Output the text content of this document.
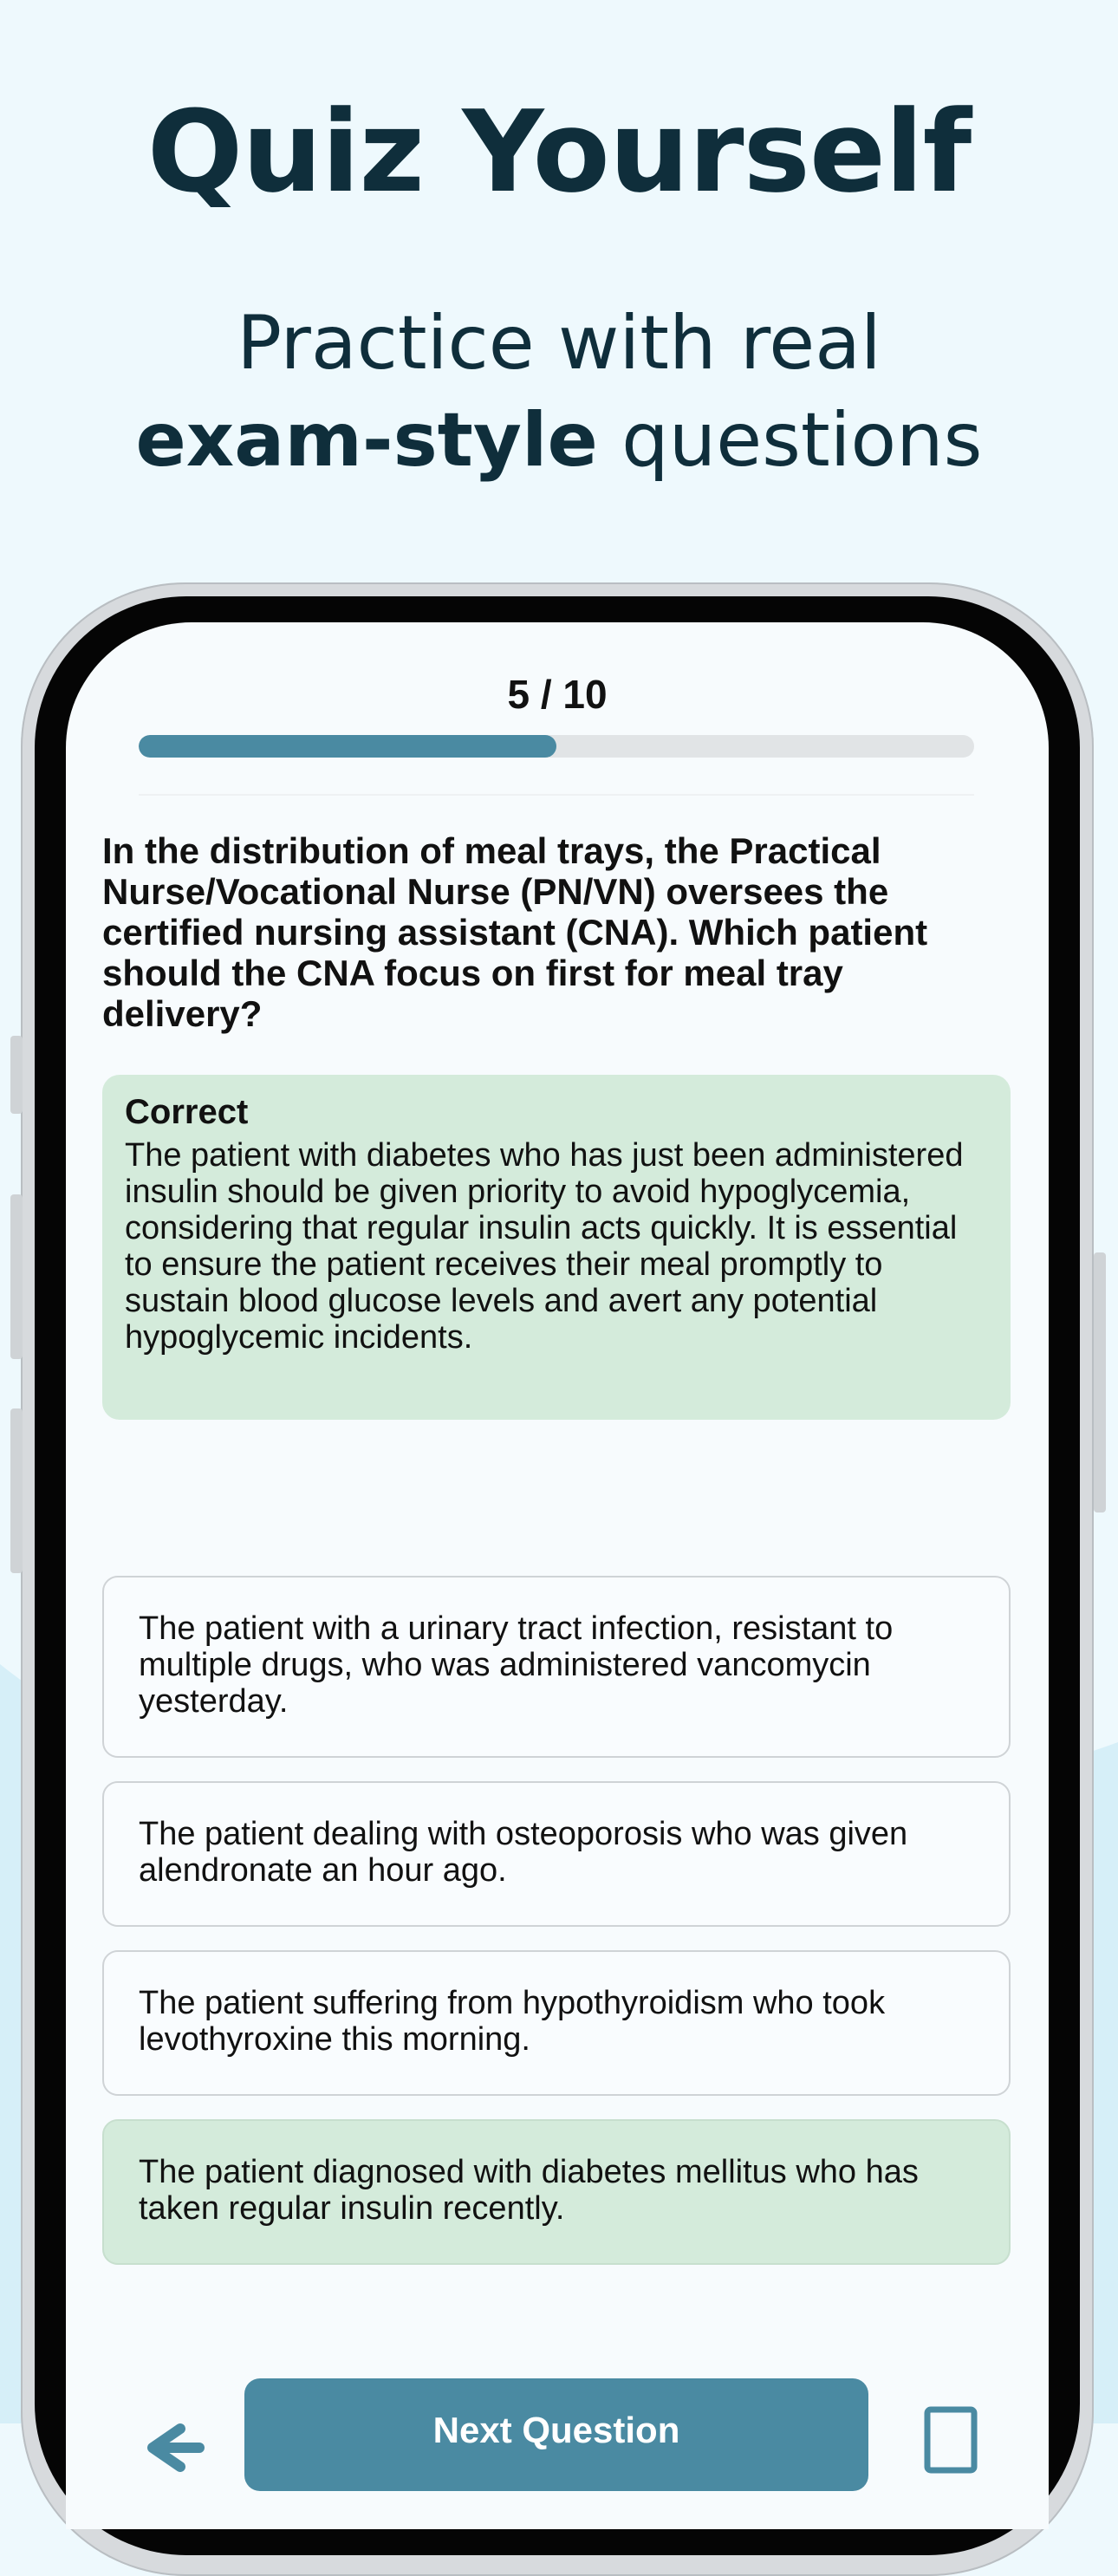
Quiz Yourself
Practice with real
exam-style questions
5 / 10
In the distribution of meal trays, the Practical Nurse/Vocational Nurse (PN/VN) oversees the certified nursing assistant (CNA). Which patient should the CNA focus on first for meal tray delivery?
Correct
The patient with diabetes who has just been administered insulin should be given priority to avoid hypoglycemia, considering that regular insulin acts quickly. It is essential to ensure the patient receives their meal promptly to sustain blood glucose levels and avert any potential hypoglycemic incidents.
The patient with a urinary tract infection, resistant to multiple drugs, who was administered vancomycin yesterday.
The patient dealing with osteoporosis who was given alendronate an hour ago.
The patient suffering from hypothyroidism who took levothyroxine this morning.
The patient diagnosed with diabetes mellitus who has taken regular insulin recently.
Next Question
